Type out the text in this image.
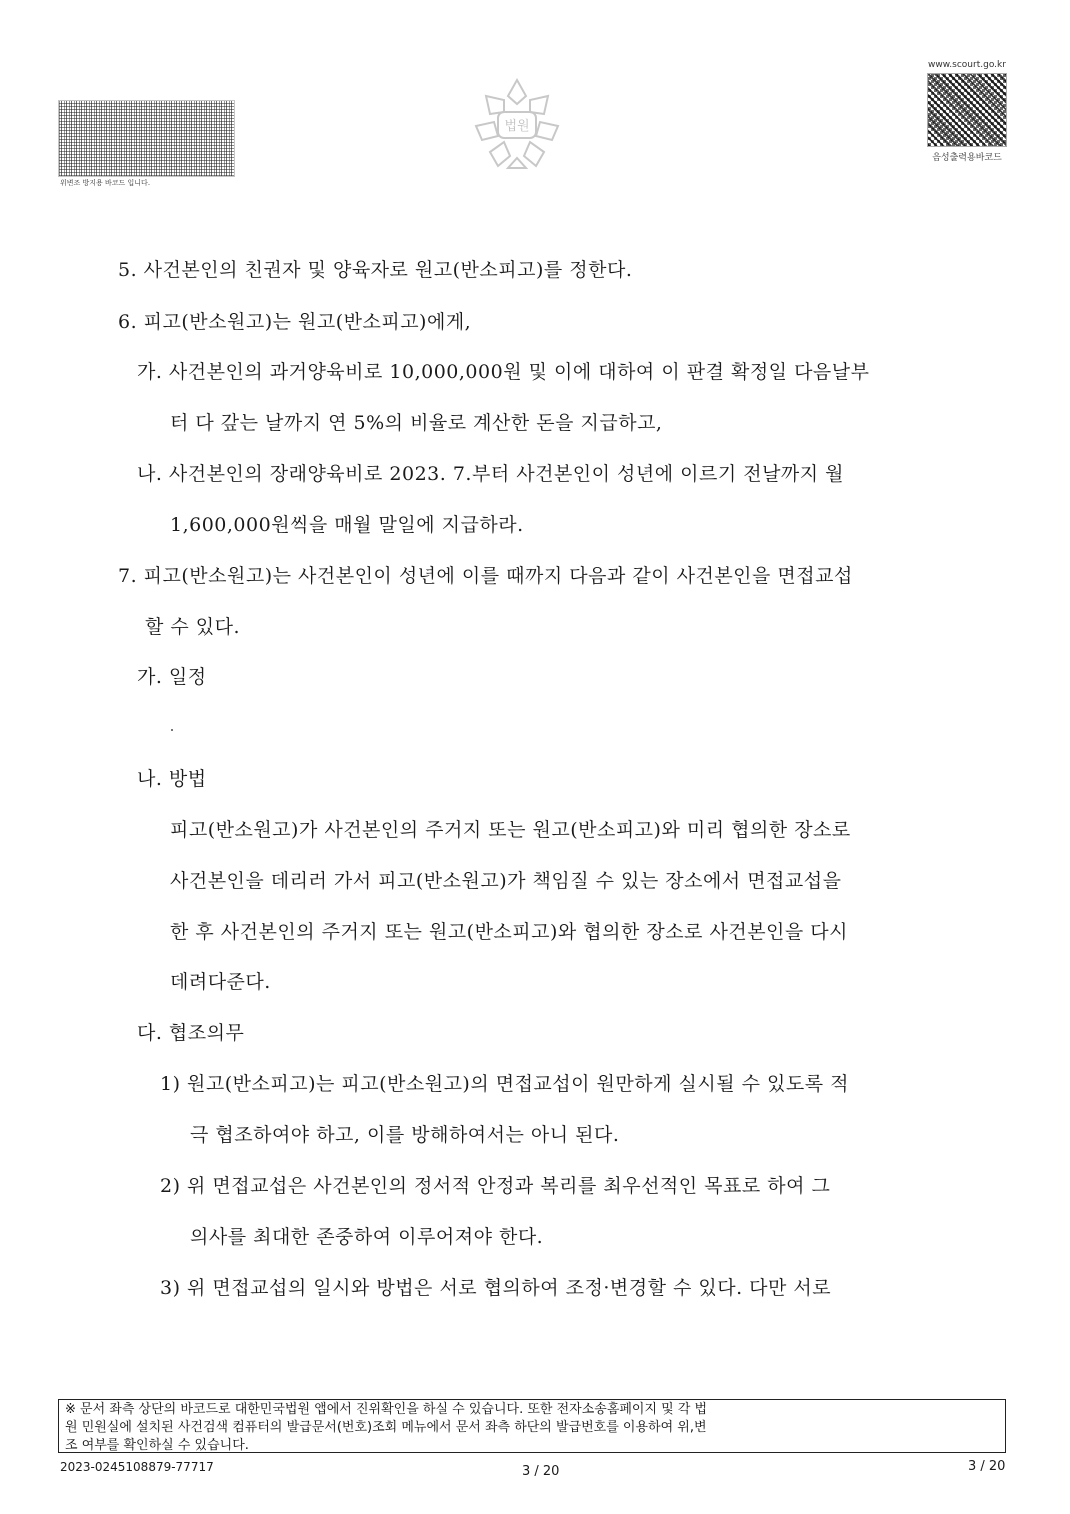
위변조 방지용 바코드 입니다.
법원
www.scourt.go.kr
음성출력용바코드
5. 사건본인의 친권자 및 양육자로 원고(반소피고)를 정한다.
6. 피고(반소원고)는 원고(반소피고)에게,
가. 사건본인의 과거양육비로 10,000,000원 및 이에 대하여 이 판결 확정일 다음날부
터 다 갚는 날까지 연 5%의 비율로 계산한 돈을 지급하고,
나. 사건본인의 장래양육비로 2023. 7.부터 사건본인이 성년에 이르기 전날까지 월
1,600,000원씩을 매월 말일에 지급하라.
7. 피고(반소원고)는 사건본인이 성년에 이를 때까지 다음과 같이 사건본인을 면접교섭
할 수 있다.
가. 일정
나. 방법
피고(반소원고)가 사건본인의 주거지 또는 원고(반소피고)와 미리 협의한 장소로
사건본인을 데리러 가서 피고(반소원고)가 책임질 수 있는 장소에서 면접교섭을
한 후 사건본인의 주거지 또는 원고(반소피고)와 협의한 장소로 사건본인을 다시
데려다준다.
다. 협조의무
1) 원고(반소피고)는 피고(반소원고)의 면접교섭이 원만하게 실시될 수 있도록 적
극 협조하여야 하고, 이를 방해하여서는 아니 된다.
2) 위 면접교섭은 사건본인의 정서적 안정과 복리를 최우선적인 목표로 하여 그
의사를 최대한 존중하여 이루어져야 한다.
3) 위 면접교섭의 일시와 방법은 서로 협의하여 조정·변경할 수 있다. 다만 서로
※ 문서 좌측 상단의 바코드로 대한민국법원 앱에서 진위확인을 하실 수 있습니다. 또한 전자소송홈페이지 및 각 법
원 민원실에 설치된 사건검색 컴퓨터의 발급문서(번호)조회 메뉴에서 문서 좌측 하단의 발급번호를 이용하여 위,변
조 여부를 확인하실 수 있습니다.
2023-0245108879-77717	3 / 20	3 / 20
